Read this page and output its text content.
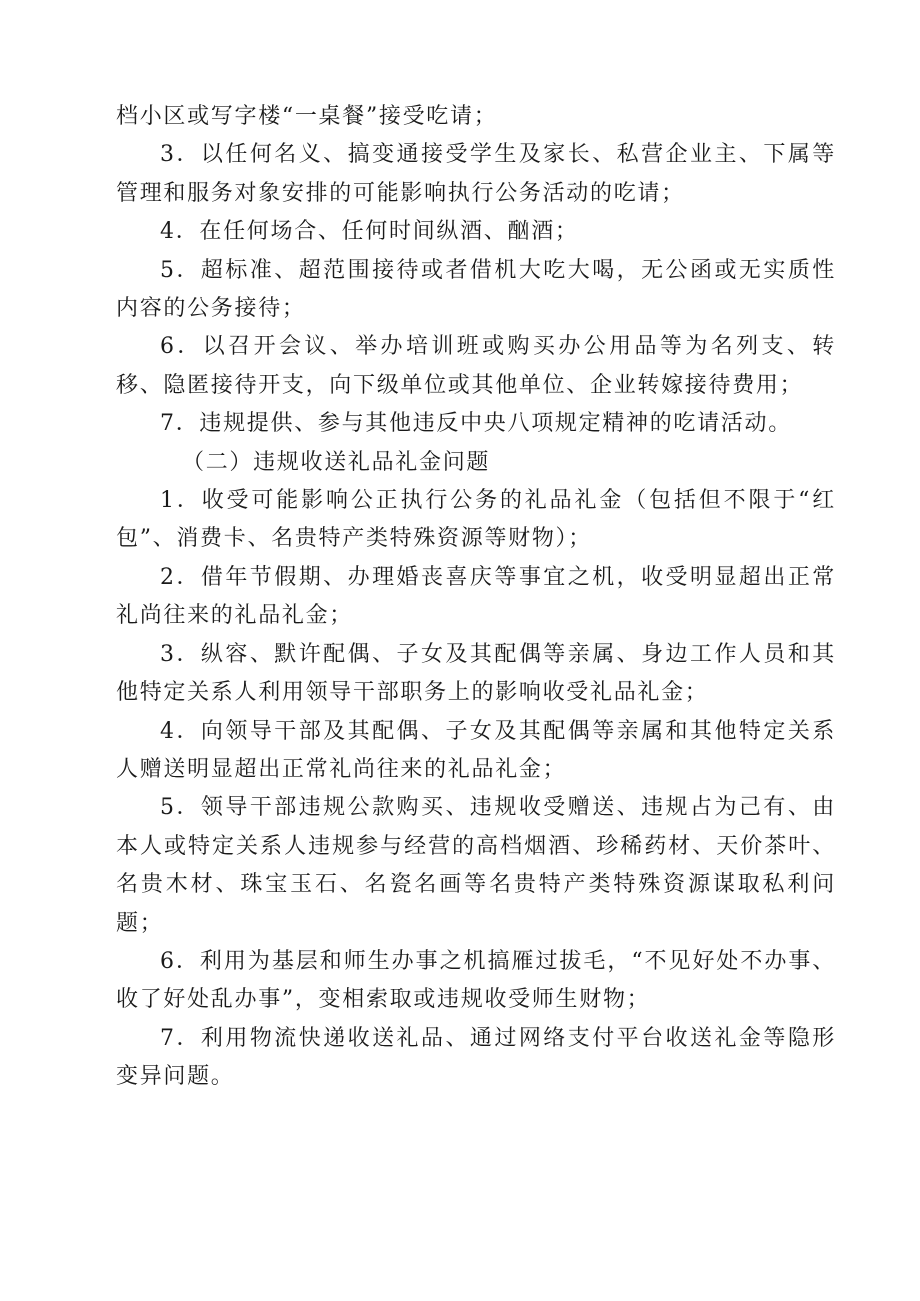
档小区或写字楼“一桌餐”接受吃请；

3．以任何名义、搞变通接受学生及家长、私营企业主、下属等管理和服务对象安排的可能影响执行公务活动的吃请；

4．在任何场合、任何时间纵酒、酗酒；

5．超标准、超范围接待或者借机大吃大喝，无公函或无实质性内容的公务接待；

6．以召开会议、举办培训班或购买办公用品等为名列支、转移、隐匿接待开支，向下级单位或其他单位、企业转嫁接待费用；

7．违规提供、参与其他违反中央八项规定精神的吃请活动。

（二）违规收送礼品礼金问题

1．收受可能影响公正执行公务的礼品礼金（包括但不限于“红包”、消费卡、名贵特产类特殊资源等财物）；

2．借年节假期、办理婚丧喜庆等事宜之机，收受明显超出正常礼尚往来的礼品礼金；

3．纵容、默许配偶、子女及其配偶等亲属、身边工作人员和其他特定关系人利用领导干部职务上的影响收受礼品礼金；

4．向领导干部及其配偶、子女及其配偶等亲属和其他特定关系人赠送明显超出正常礼尚往来的礼品礼金；

5．领导干部违规公款购买、违规收受赠送、违规占为己有、由本人或特定关系人违规参与经营的高档烟酒、珍稀药材、天价茶叶、名贵木材、珠宝玉石、名瓷名画等名贵特产类特殊资源谋取私利问题；

6．利用为基层和师生办事之机搞雁过拔毛，“不见好处不办事、收了好处乱办事”，变相索取或违规收受师生财物；

7．利用物流快递收送礼品、通过网络支付平台收送礼金等隐形变异问题。
